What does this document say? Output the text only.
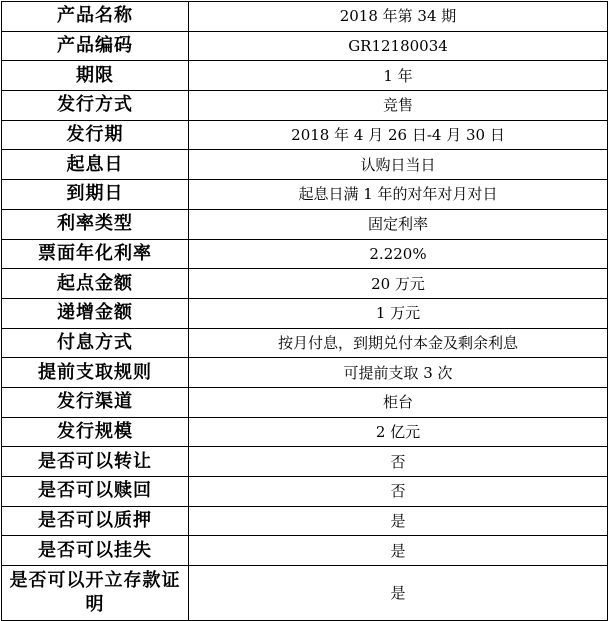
产品名称	2018 年第 34 期
产品编码	GR12180034
期限	1 年
发行方式	竞售
发行期	2018 年 4 月 26 日-4 月 30 日
起息日	认购日当日
到期日	起息日满 1 年的对年对月对日
利率类型	固定利率
票面年化利率	2.220%
起点金额	20 万元
递增金额	1 万元
付息方式	按月付息，到期兑付本金及剩余利息
提前支取规则	可提前支取 3 次
发行渠道	柜台
发行规模	2 亿元
是否可以转让	否
是否可以赎回	否
是否可以质押	是
是否可以挂失	是
是否可以开立存款证明	是
